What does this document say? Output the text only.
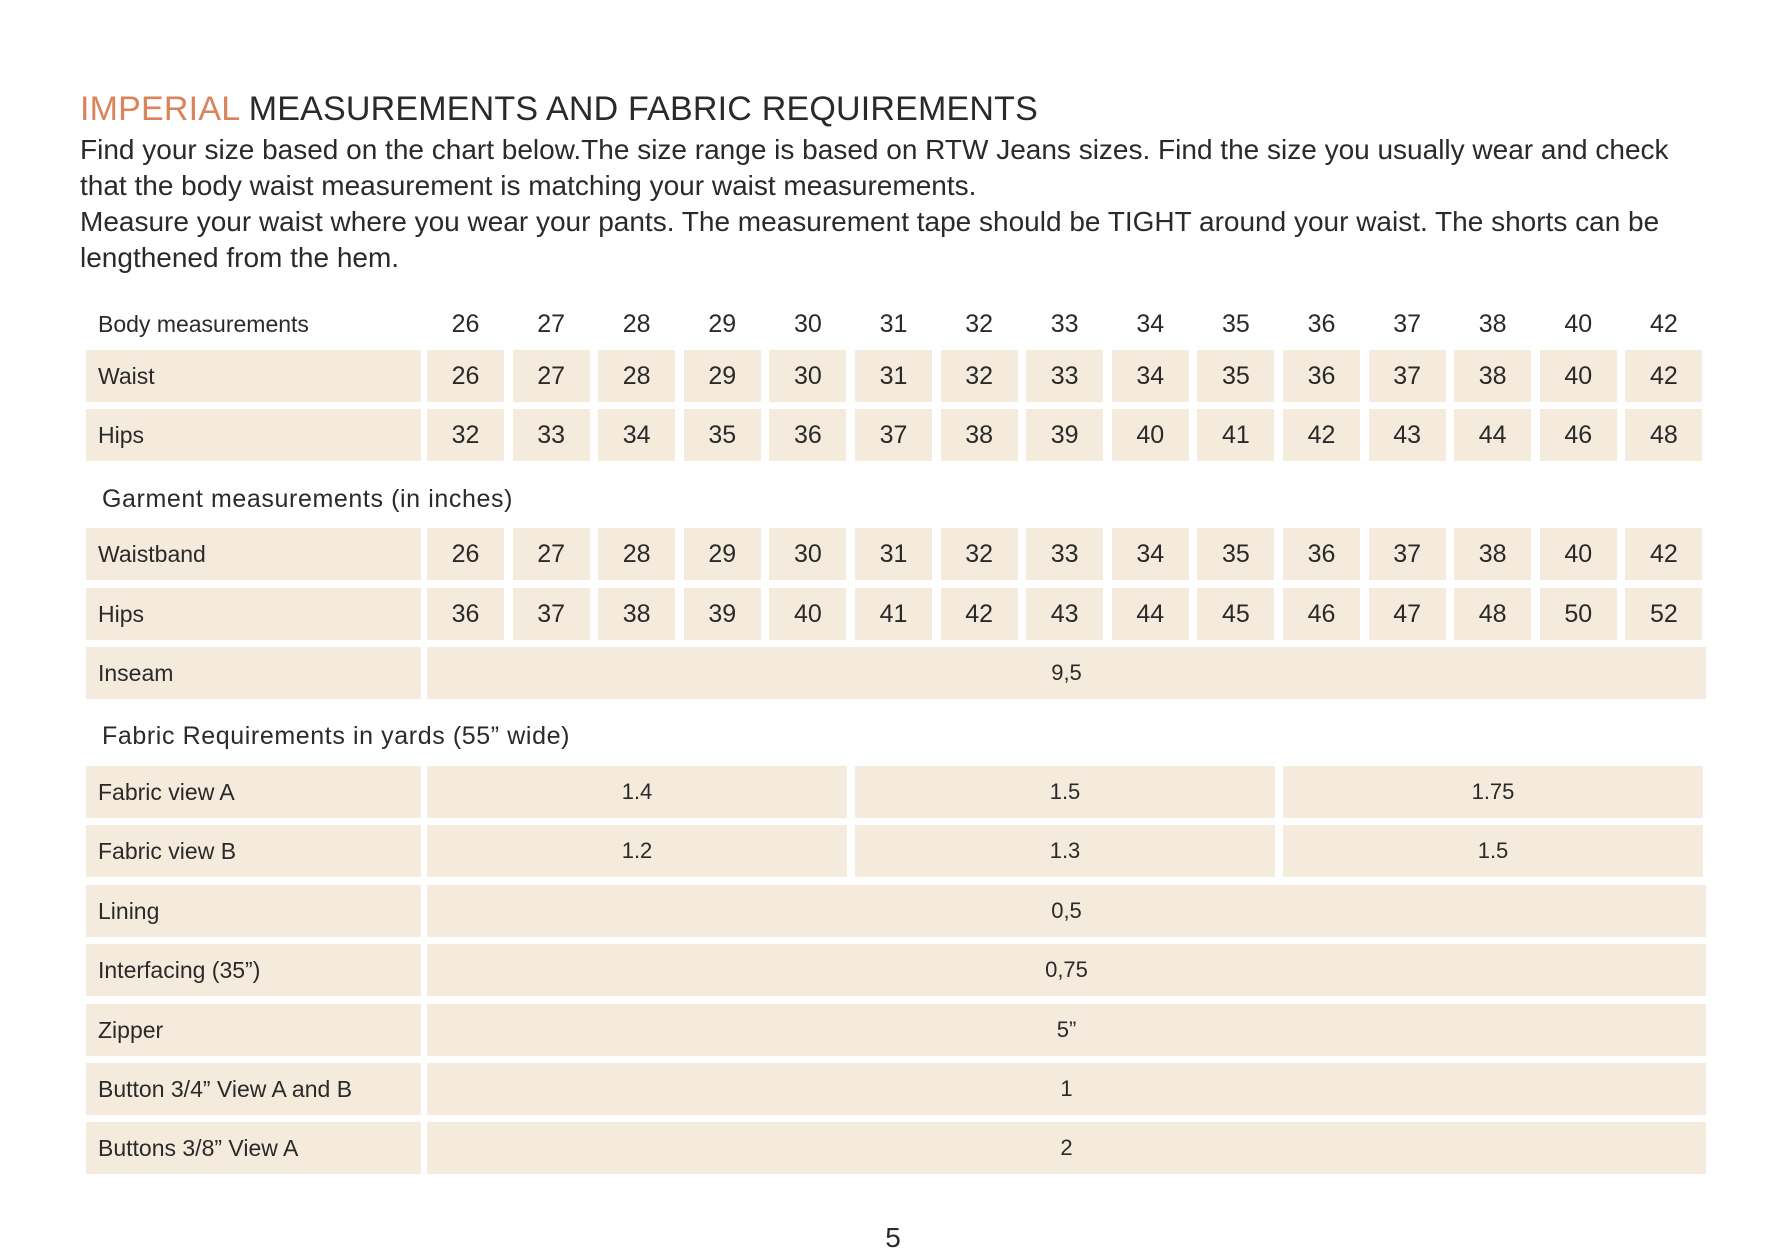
IMPERIAL MEASUREMENTS AND FABRIC REQUIREMENTS

Find your size based on the chart below.The size range is based on RTW Jeans sizes. Find the size you usually wear and check that the body waist measurement is matching your waist measurements.

Measure your waist where you wear your pants. The measurement tape should be TIGHT around your waist. The shorts can be lengthened from the hem.

Body measurements	26	27	28	29	30	31	32	33	34	35	36	37	38	40	42
Waist	26	27	28	29	30	31	32	33	34	35	36	37	38	40	42
Hips	32	33	34	35	36	37	38	39	40	41	42	43	44	46	48
Garment measurements (in inches)
Waistband	26	27	28	29	30	31	32	33	34	35	36	37	38	40	42
Hips	36	37	38	39	40	41	42	43	44	45	46	47	48	50	52
Inseam	9,5
Fabric Requirements in yards (55” wide)
Fabric view A	1.4	1.5	1.75
Fabric view B	1.2	1.3	1.5
Lining	0,5
Interfacing (35”)	0,75
Zipper	5”
Button 3/4” View A and B	1
Buttons 3/8” View A	2
5
